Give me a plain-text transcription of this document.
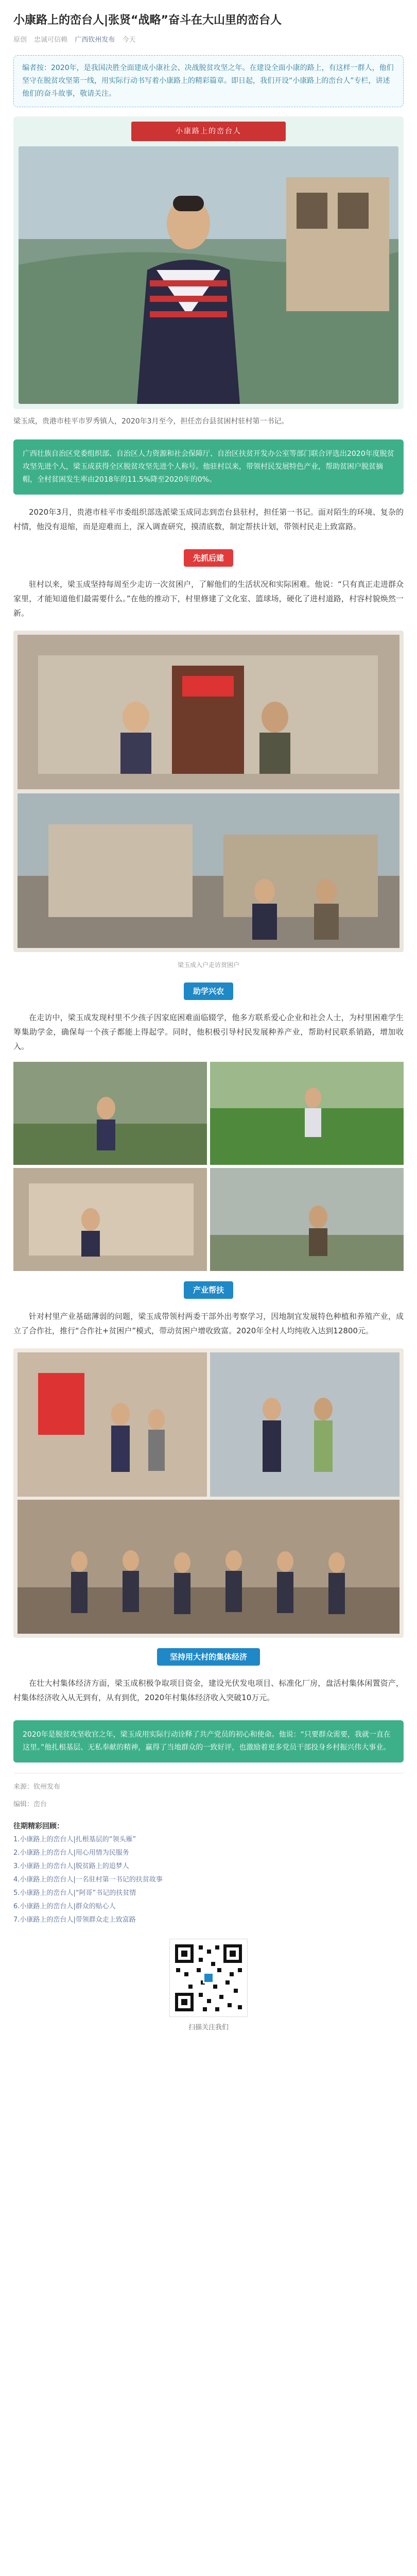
小康路上的峦台人|张贤“战略”奋斗在大山里的峦台人
原创 忠诚可信赖 广西钦州发布 今天

编者按：2020年，是我国决胜全面建成小康社会、决战脱贫攻坚之年。在建设全面小康的路上，有这样一群人，他们坚守在脱贫攻坚第一线，用实际行动书写着小康路上的精彩篇章。即日起，我们开设“小康路上的峦台人”专栏，讲述他们的奋斗故事，敬请关注。

小康路上的峦台人

梁玉成，贵港市桂平市罗秀镇人，2020年3月至今，担任峦台县贫困村驻村第一书记。

广西壮族自治区党委组织部、自治区人力资源和社会保障厅、自治区扶贫开发办公室等部门联合评选出2020年度脱贫攻坚先进个人，梁玉成获得全区脱贫攻坚先进个人称号。他驻村以来，带领村民发展特色产业，帮助贫困户脱贫摘帽，全村贫困发生率由2018年的11.5%降至2020年的0%。

2020年3月，贵港市桂平市委组织部选派梁玉成同志到峦台县驻村，担任第一书记。面对陌生的环境、复杂的村情，他没有退缩，而是迎难而上，深入调查研究，摸清底数，制定帮扶计划，带领村民走上致富路。

先抓后建

驻村以来，梁玉成坚持每周至少走访一次贫困户，了解他们的生活状况和实际困难。他说：“只有真正走进群众家里，才能知道他们最需要什么。”在他的推动下，村里修建了文化室、篮球场，硬化了进村道路，村容村貌焕然一新。

梁玉成入户走访贫困户

助学兴农

在走访中，梁玉成发现村里不少孩子因家庭困难面临辍学，他多方联系爱心企业和社会人士，为村里困难学生筹集助学金，确保每一个孩子都能上得起学。同时，他积极引导村民发展种养产业，帮助村民联系销路，增加收入。

产业帮扶

针对村里产业基础薄弱的问题，梁玉成带领村两委干部外出考察学习，因地制宜发展特色种植和养殖产业，成立了合作社，推行“合作社+贫困户”模式，带动贫困户增收致富。2020年全村人均纯收入达到12800元。

坚持用大村的集体经济

在壮大村集体经济方面，梁玉成积极争取项目资金，建设光伏发电项目、标准化厂房，盘活村集体闲置资产，村集体经济收入从无到有，从有到优，2020年村集体经济收入突破10万元。

2020年是脱贫攻坚收官之年，梁玉成用实际行动诠释了共产党员的初心和使命。他说：“只要群众需要，我就一直在这里。”他扎根基层、无私奉献的精神，赢得了当地群众的一致好评，也激励着更多党员干部投身乡村振兴伟大事业。

来源：钦州发布

编辑：峦台

往期精彩回顾：

1.小康路上的峦台人|扎根基层的“领头雁”

2.小康路上的峦台人|用心用情为民服务

3.小康路上的峦台人|脱贫路上的追梦人

4.小康路上的峦台人|一名驻村第一书记的扶贫故事

5.小康路上的峦台人|“阿哥”书记的扶贫情

6.小康路上的峦台人|群众的贴心人

7.小康路上的峦台人|带领群众走上致富路

扫描关注我们
